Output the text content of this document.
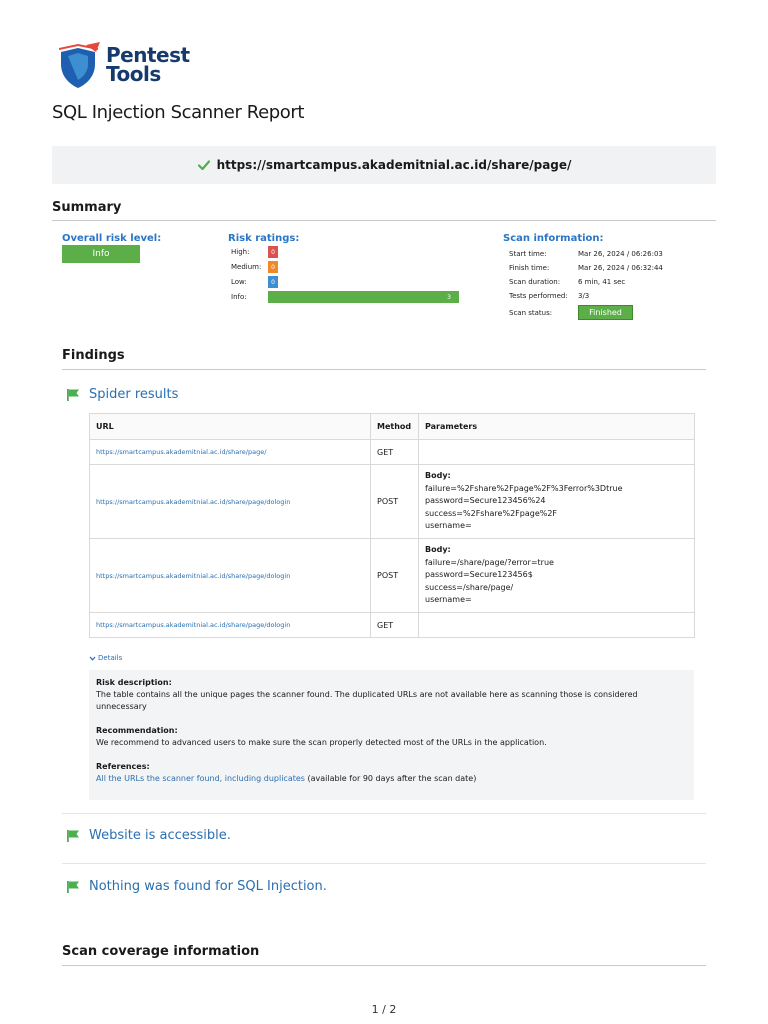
Pentest
Tools
SQL Injection Scanner Report
https://smartcampus.akademitnial.ac.id/share/page/
Summary
Overall risk level:
Info
Risk ratings:
High:	0
Medium:	0
Low:	0
Info:	3
Scan information:
Start time:	Mar 26, 2024 / 06:26:03
Finish time:	Mar 26, 2024 / 06:32:44
Scan duration:	6 min, 41 sec
Tests performed: 3/3
Scan status:	Finished
Findings
Spider results
URL	Method	Parameters
https://smartcampus.akademitnial.ac.id/share/page/	GET	
https://smartcampus.akademitnial.ac.id/share/page/dologin	POST	Body:
failure=%2Fshare%2Fpage%2F%3Ferror%3Dtrue
password=Secure123456%24
success=%2Fshare%2Fpage%2F
username=

https://smartcampus.akademitnial.ac.id/share/page/dologin	POST	Body:
failure=/share/page/?error=true
password=Secure123456$
success=/share/page/
username=

https://smartcampus.akademitnial.ac.id/share/page/dologin	GET	
Details
Risk description:
The table contains all the unique pages the scanner found. The duplicated URLs are not available here as scanning those is considered unnecessary
Recommendation:
We recommend to advanced users to make sure the scan properly detected most of the URLs in the application.
References:
All the URLs the scanner found, including duplicates (available for 90 days after the scan date)
Website is accessible.
Nothing was found for SQL Injection.
Scan coverage information
1 / 2
